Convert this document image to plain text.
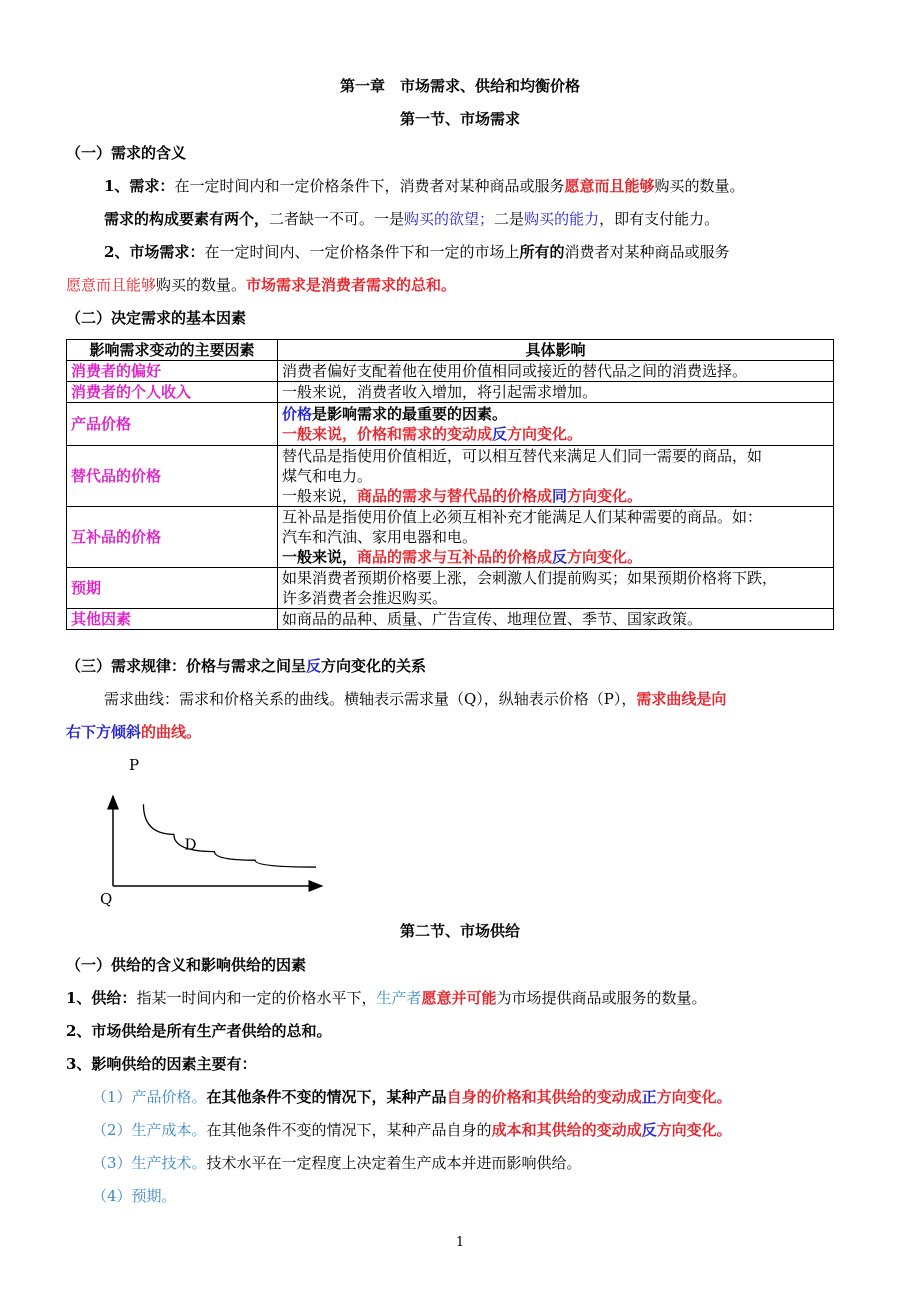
第一章　市场需求、供给和均衡价格
第一节、市场需求
（一）需求的含义
1、需求：在一定时间内和一定价格条件下，消费者对某种商品或服务愿意而且能够购买的数量。
需求的构成要素有两个，二者缺一不可。一是购买的欲望；二是购买的能力，即有支付能力。
2、市场需求：在一定时间内、一定价格条件下和一定的市场上所有的消费者对某种商品或服务
愿意而且能够购买的数量。市场需求是消费者需求的总和。
（二）决定需求的基本因素
影响需求变动的主要因素	具体影响
消费者的偏好	消费者偏好支配着他在使用价值相同或接近的替代品之间的消费选择。
消费者的个人收入	一般来说，消费者收入增加，将引起需求增加。
产品价格	价格是影响需求的最重要的因素。
一般来说，价格和需求的变动成反方向变化。

替代品的价格	替代品是指使用价值相近，可以相互替代来满足人们同一需要的商品，如
煤气和电力。
一般来说，商品的需求与替代品的价格成同方向变化。

互补品的价格	互补品是指使用价值上必须互相补充才能满足人们某种需要的商品。如：
汽车和汽油、家用电器和电。
一般来说，商品的需求与互补品的价格成反方向变化。

预期	如果消费者预期价格要上涨，会刺激人们提前购买；如果预期价格将下跌，
许多消费者会推迟购买。

其他因素	如商品的品种、质量、广告宣传、地理位置、季节、国家政策。
（三）需求规律：价格与需求之间呈反方向变化的关系
需求曲线：需求和价格关系的曲线。横轴表示需求量（Q），纵轴表示价格（P），需求曲线是向
右下方倾斜的曲线。
P
Q
D
第二节、市场供给
（一）供给的含义和影响供给的因素
1、供给：指某一时间内和一定的价格水平下，生产者愿意并可能为市场提供商品或服务的数量。
2、市场供给是所有生产者供给的总和。
3、影响供给的因素主要有：
（1）产品价格。在其他条件不变的情况下，某种产品自身的价格和其供给的变动成正方向变化。
（2）生产成本。在其他条件不变的情况下，某种产品自身的成本和其供给的变动成反方向变化。
（3）生产技术。技术水平在一定程度上决定着生产成本并进而影响供给。
（4）预期。
1
